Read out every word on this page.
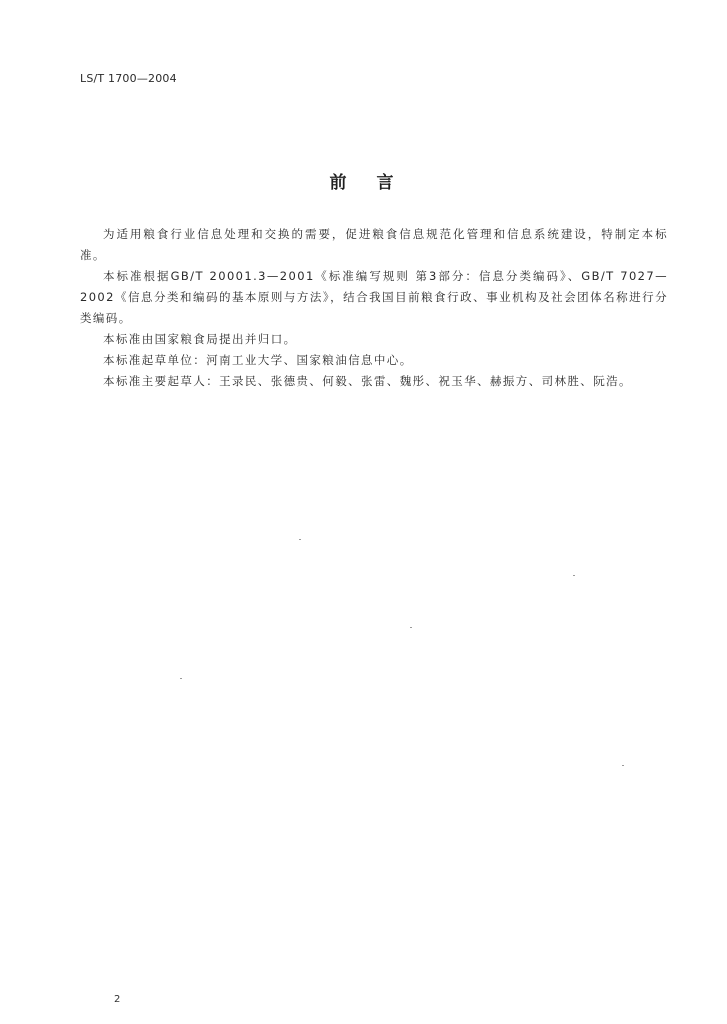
LS/T 1700—2004
前言

为适用粮食行业信息处理和交换的需要，促进粮食信息规范化管理和信息系统建设，特制定本标准。

本标准根据GB/T 20001.3—2001《标准编写规则 第3部分：信息分类编码》、GB/T 7027—2002《信息分类和编码的基本原则与方法》，结合我国目前粮食行政、事业机构及社会团体名称进行分类编码。

本标准由国家粮食局提出并归口。

本标准起草单位：河南工业大学、国家粮油信息中心。

本标准主要起草人：王录民、张德贵、何毅、张雷、魏彤、祝玉华、赫振方、司林胜、阮浩。

2
